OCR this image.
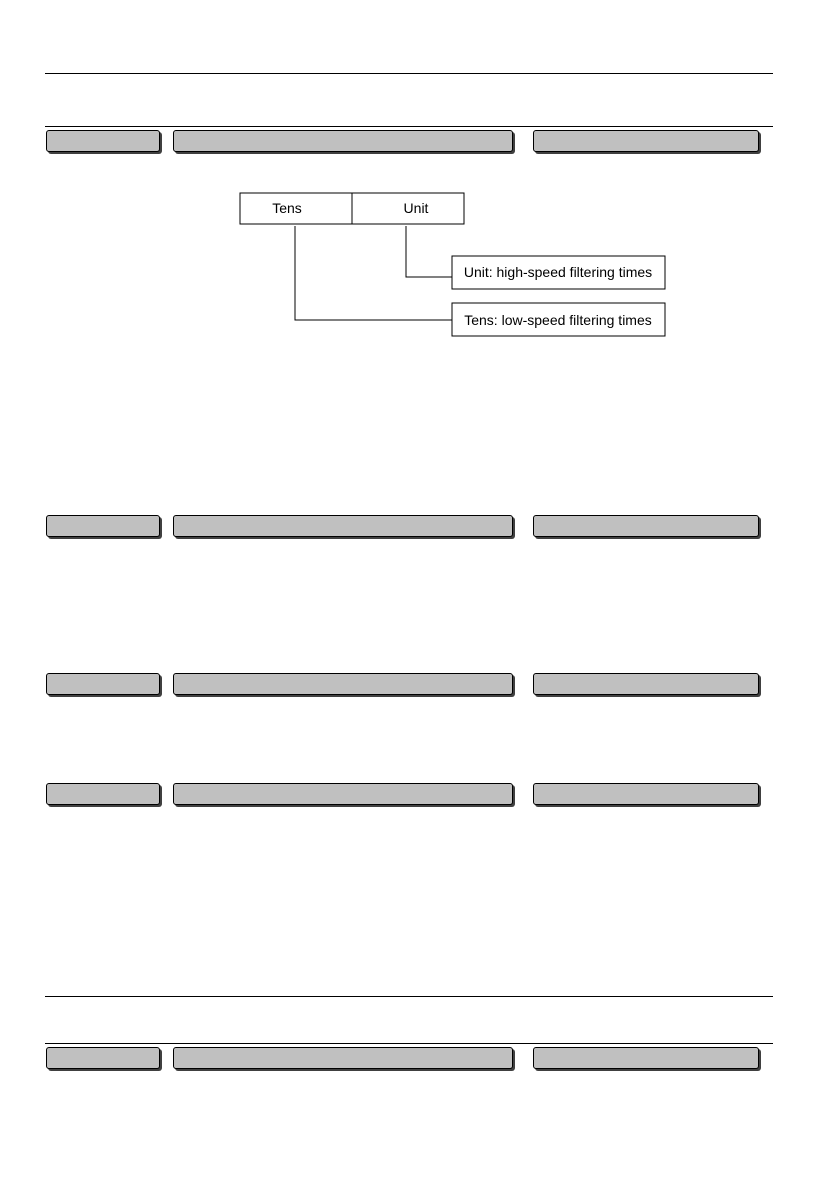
Tens	Unit
Unit: high-speed filtering times
Tens: low-speed filtering times
